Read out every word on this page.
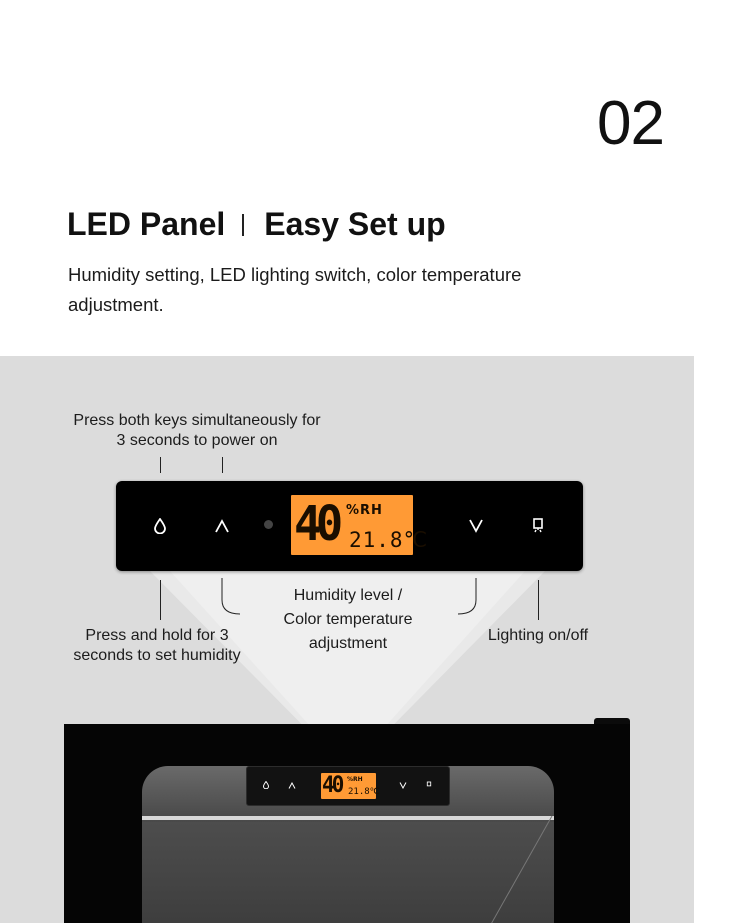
02
LED Panel Easy Set up
Humidity setting, LED lighting switch, color temperature adjustment.
Press both keys simultaneously for
3 seconds to power on
40 %RH
21.8℃
Press and hold for 3
seconds to set humidity
Humidity level /
Color temperature
adjustment	Lighting on/off
40 %RH
21.8℃
